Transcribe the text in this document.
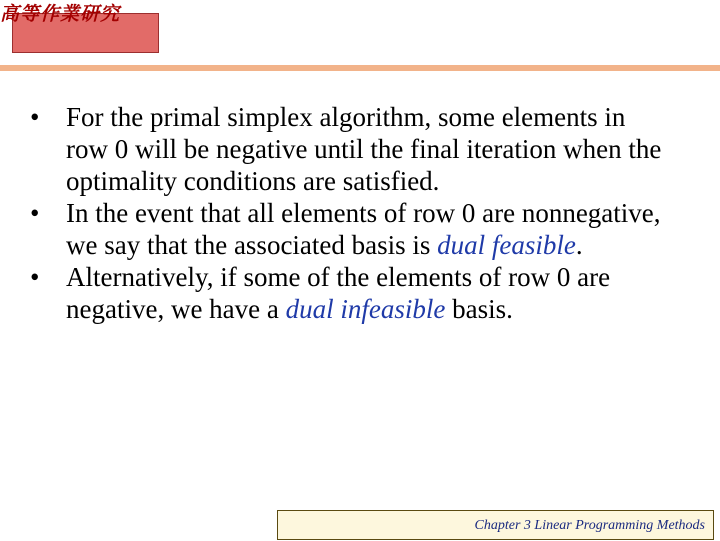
高等作業研究
• For the primal simplex algorithm, some elements in row 0 will be negative until the final iteration when the optimality conditions are satisfied.
• In the event that all elements of row 0 are nonnegative, we say that the associated basis is dual feasible.
• Alternatively, if some of the elements of row 0 are negative, we have a dual infeasible basis.
Chapter 3 Linear Programming Methods
